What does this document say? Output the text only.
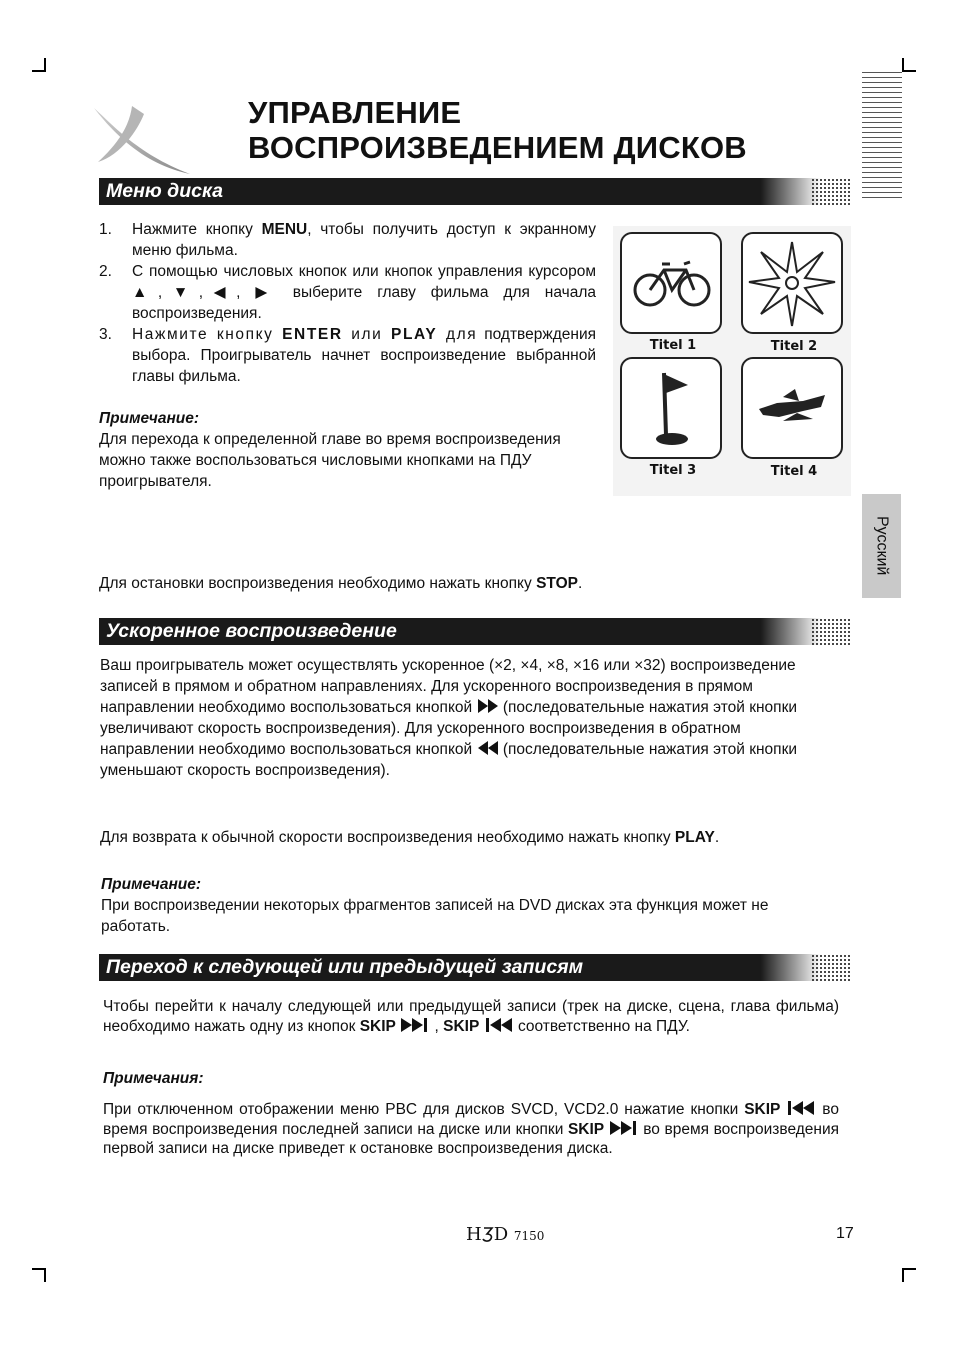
УПРАВЛЕНИЕ
ВОСПРОИЗВЕДЕНИЕМ ДИСКОВ
Меню диска
1. Нажмите кнопку MENU, чтобы получить доступ к экранному меню фильма.
2. С помощью числовых кнопок или кнопок управления курсором ▲,▼,◀, ▶ выберите главу фильма для начала воспроизведения.
3. Нажмите кнопку ENTER или PLAY для подтверждения выбора. Проигрыватель начнет воспроизведение выбранной главы фильма.

Примечание:
Для перехода к определенной главе во время воспроизведения можно также воспользоваться числовыми кнопками на ПДУ проигрывателя.

Titel 1	Titel 2
Titel 3	Titel 4
Русский

Для остановки воспроизведения необходимо нажать кнопку STOP.

Ускоренное воспроизведение

Ваш проигрыватель может осуществлять ускоренное (×2, ×4, ×8, ×16 или ×32) воспроизведение записей в прямом и обратном направлениях. Для ускоренного воспроизведения в прямом направлении необходимо воспользоваться кнопкой (последовательные нажатия этой кнопки увеличивают скорость воспроизведения). Для ускоренного воспроизведения в обратном направлении необходимо воспользоваться кнопкой (последовательные нажатия этой кнопки уменьшают скорость воспроизведения).

Для возврата к обычной скорости воспроизведения необходимо нажать кнопку PLAY.

Примечание:
При воспроизведении некоторых фрагментов записей на DVD дисках эта функция может не работать.

Переход к следующей или предыдущей записям

Чтобы перейти к началу следующей или предыдущей записи (трек на диске, сцена, глава фильма) необходимо нажать одну из кнопок SKIP , SKIP соответственно на ПДУ.

Примечания:

При отключенном отображении меню PBC для дисков SVCD, VCD2.0 нажатие кнопки SKIP	во время воспроизведения последней записи на диске или кнопки SKIP	во время воспроизведения первой записи на диске приведет к остановке воспроизведения диска.

H D 7150	17
